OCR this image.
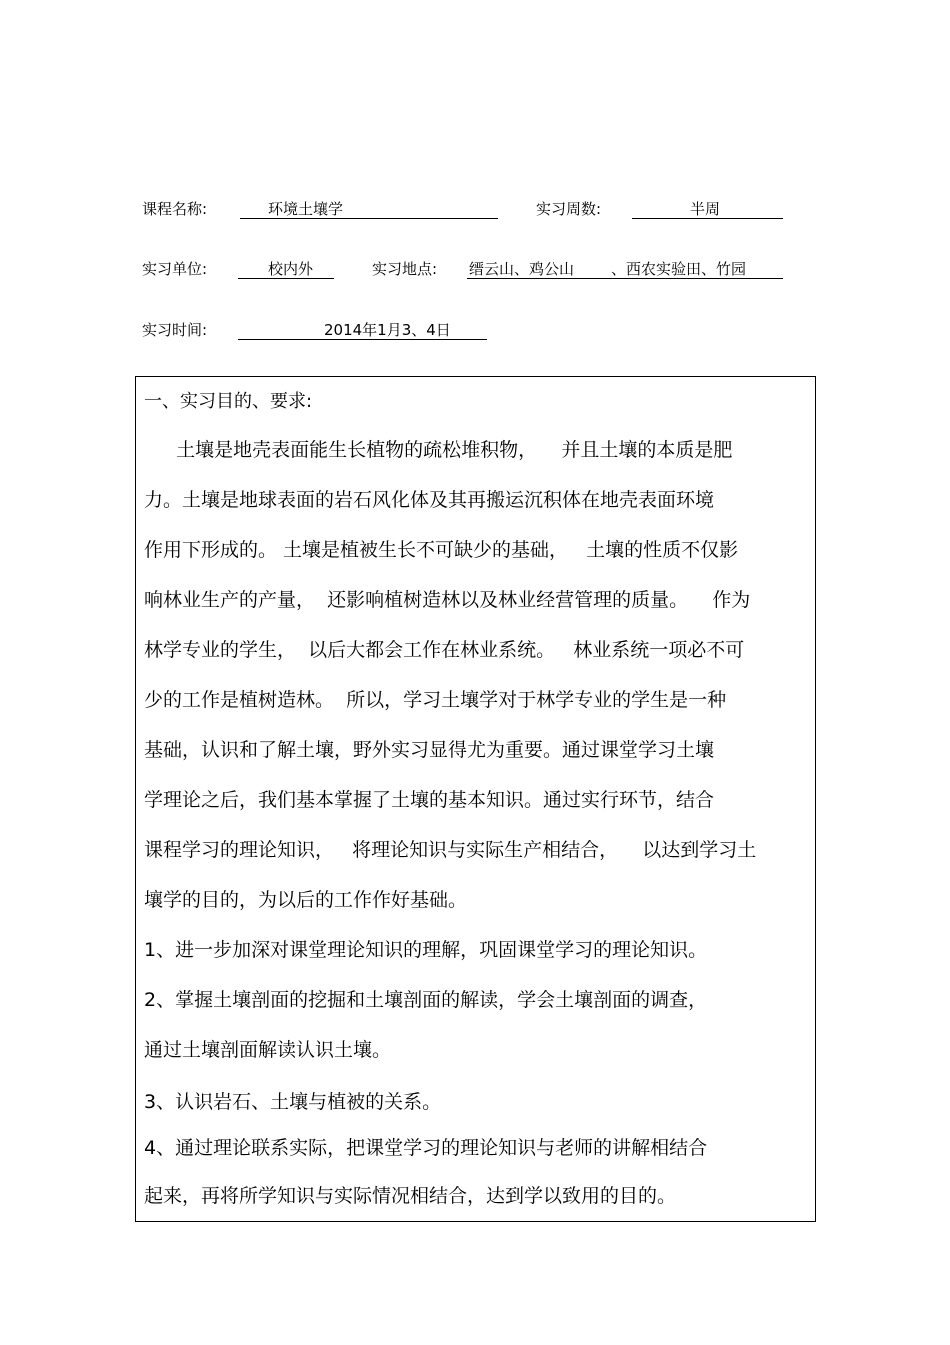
课程名称:	环境土壤学	实习周数:	半周
实习单位:	校内外	实习地点: 缙云山、鸡公山 、西农实验田、竹园
实习时间:	2014年1月3、4日
一、实习目的、要求:
土壤是地壳表面能生长植物的疏松堆积物，    并且土壤的本质是肥
力。土壤是地球表面的岩石风化体及其再搬运沉积体在地壳表面环境
作用下形成的。 土壤是植被生长不可缺少的基础，   土壤的性质不仅影
响林业生产的产量，  还影响植树造林以及林业经营管理的质量。    作为
林学专业的学生，  以后大都会工作在林业系统。   林业系统一项必不可
少的工作是植树造林。  所以，学习土壤学对于林学专业的学生是一种
基础，认识和了解土壤，野外实习显得尤为重要。通过课堂学习土壤
学理论之后，我们基本掌握了土壤的基本知识。通过实行环节，结合
课程学习的理论知识，   将理论知识与实际生产相结合，    以达到学习土
壤学的目的，为以后的工作作好基础。
1、进一步加深对课堂理论知识的理解，巩固课堂学习的理论知识。
2、掌握土壤剖面的挖掘和土壤剖面的解读，学会土壤剖面的调查，
通过土壤剖面解读认识土壤。
3、认识岩石、土壤与植被的关系。
4、通过理论联系实际，把课堂学习的理论知识与老师的讲解相结合
起来，再将所学知识与实际情况相结合，达到学以致用的目的。
